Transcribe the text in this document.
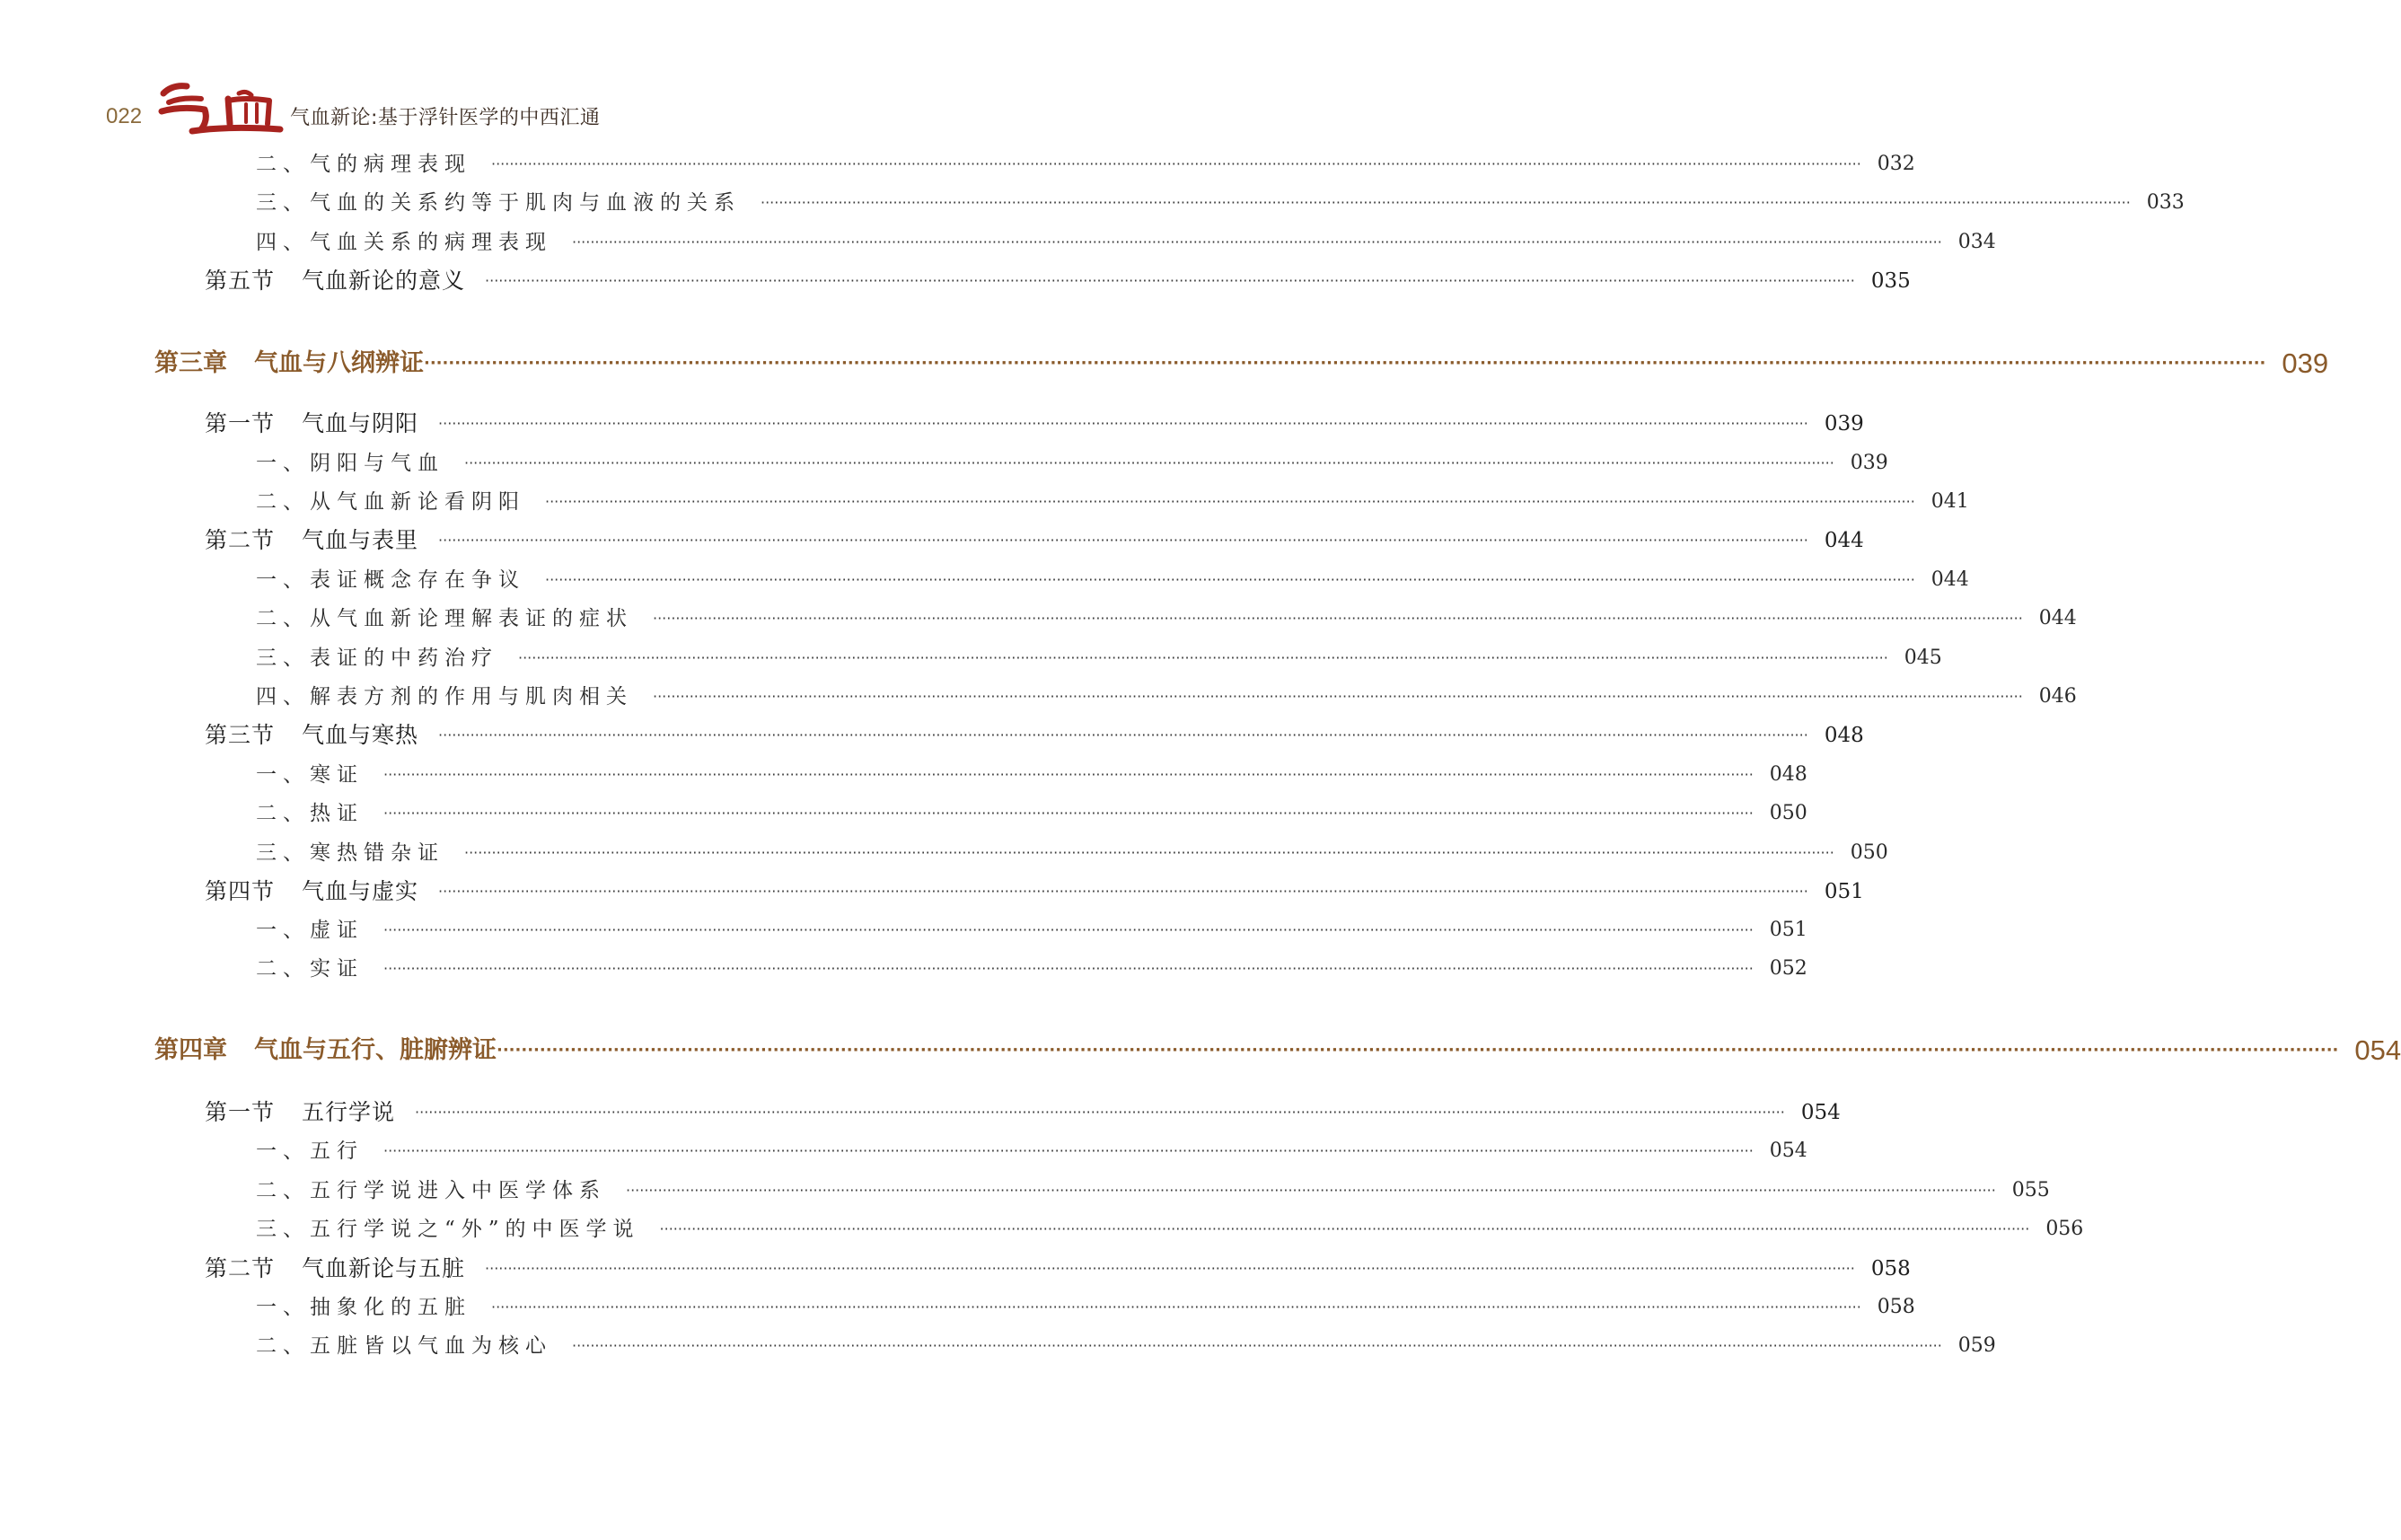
022	气血新论:基于浮针医学的中西汇通
二、气的病理表现 ············································································································································································································································································································ 032
三、气血的关系约等于肌肉与血液的关系 ············································································································································································································································································································ 033
四、气血关系的病理表现 ············································································································································································································································································································ 034
第五节 气血新论的意义 ············································································································································································································································································································ 035
第三章 气血与八纲辨证 ············································································································································································································································································································ 039
第一节 气血与阴阳 ············································································································································································································································································································ 039
一、阴阳与气血 ············································································································································································································································································································ 039
二、从气血新论看阴阳 ············································································································································································································································································································ 041
第二节 气血与表里 ············································································································································································································································································································ 044
一、表证概念存在争议 ············································································································································································································································································································ 044
二、从气血新论理解表证的症状 ············································································································································································································································································································ 044
三、表证的中药治疗 ············································································································································································································································································································ 045
四、解表方剂的作用与肌肉相关 ············································································································································································································································································································ 046
第三节 气血与寒热 ············································································································································································································································································································ 048
一、寒证 ············································································································································································································································································································ 048
二、热证 ············································································································································································································································································································ 050
三、寒热错杂证 ············································································································································································································································································································ 050
第四节 气血与虚实 ············································································································································································································································································································ 051
一、虚证 ············································································································································································································································································································ 051
二、实证 ············································································································································································································································································································ 052
第四章 气血与五行、脏腑辨证 ············································································································································································································································································································ 054
第一节 五行学说 ············································································································································································································································································································ 054
一、五行 ············································································································································································································································································································ 054
二、五行学说进入中医学体系 ············································································································································································································································································································ 055
三、五行学说之“外”的中医学说 ············································································································································································································································································································ 056
第二节 气血新论与五脏 ············································································································································································································································································································ 058
一、抽象化的五脏 ············································································································································································································································································································ 058
二、五脏皆以气血为核心 ············································································································································································································································································································ 059
